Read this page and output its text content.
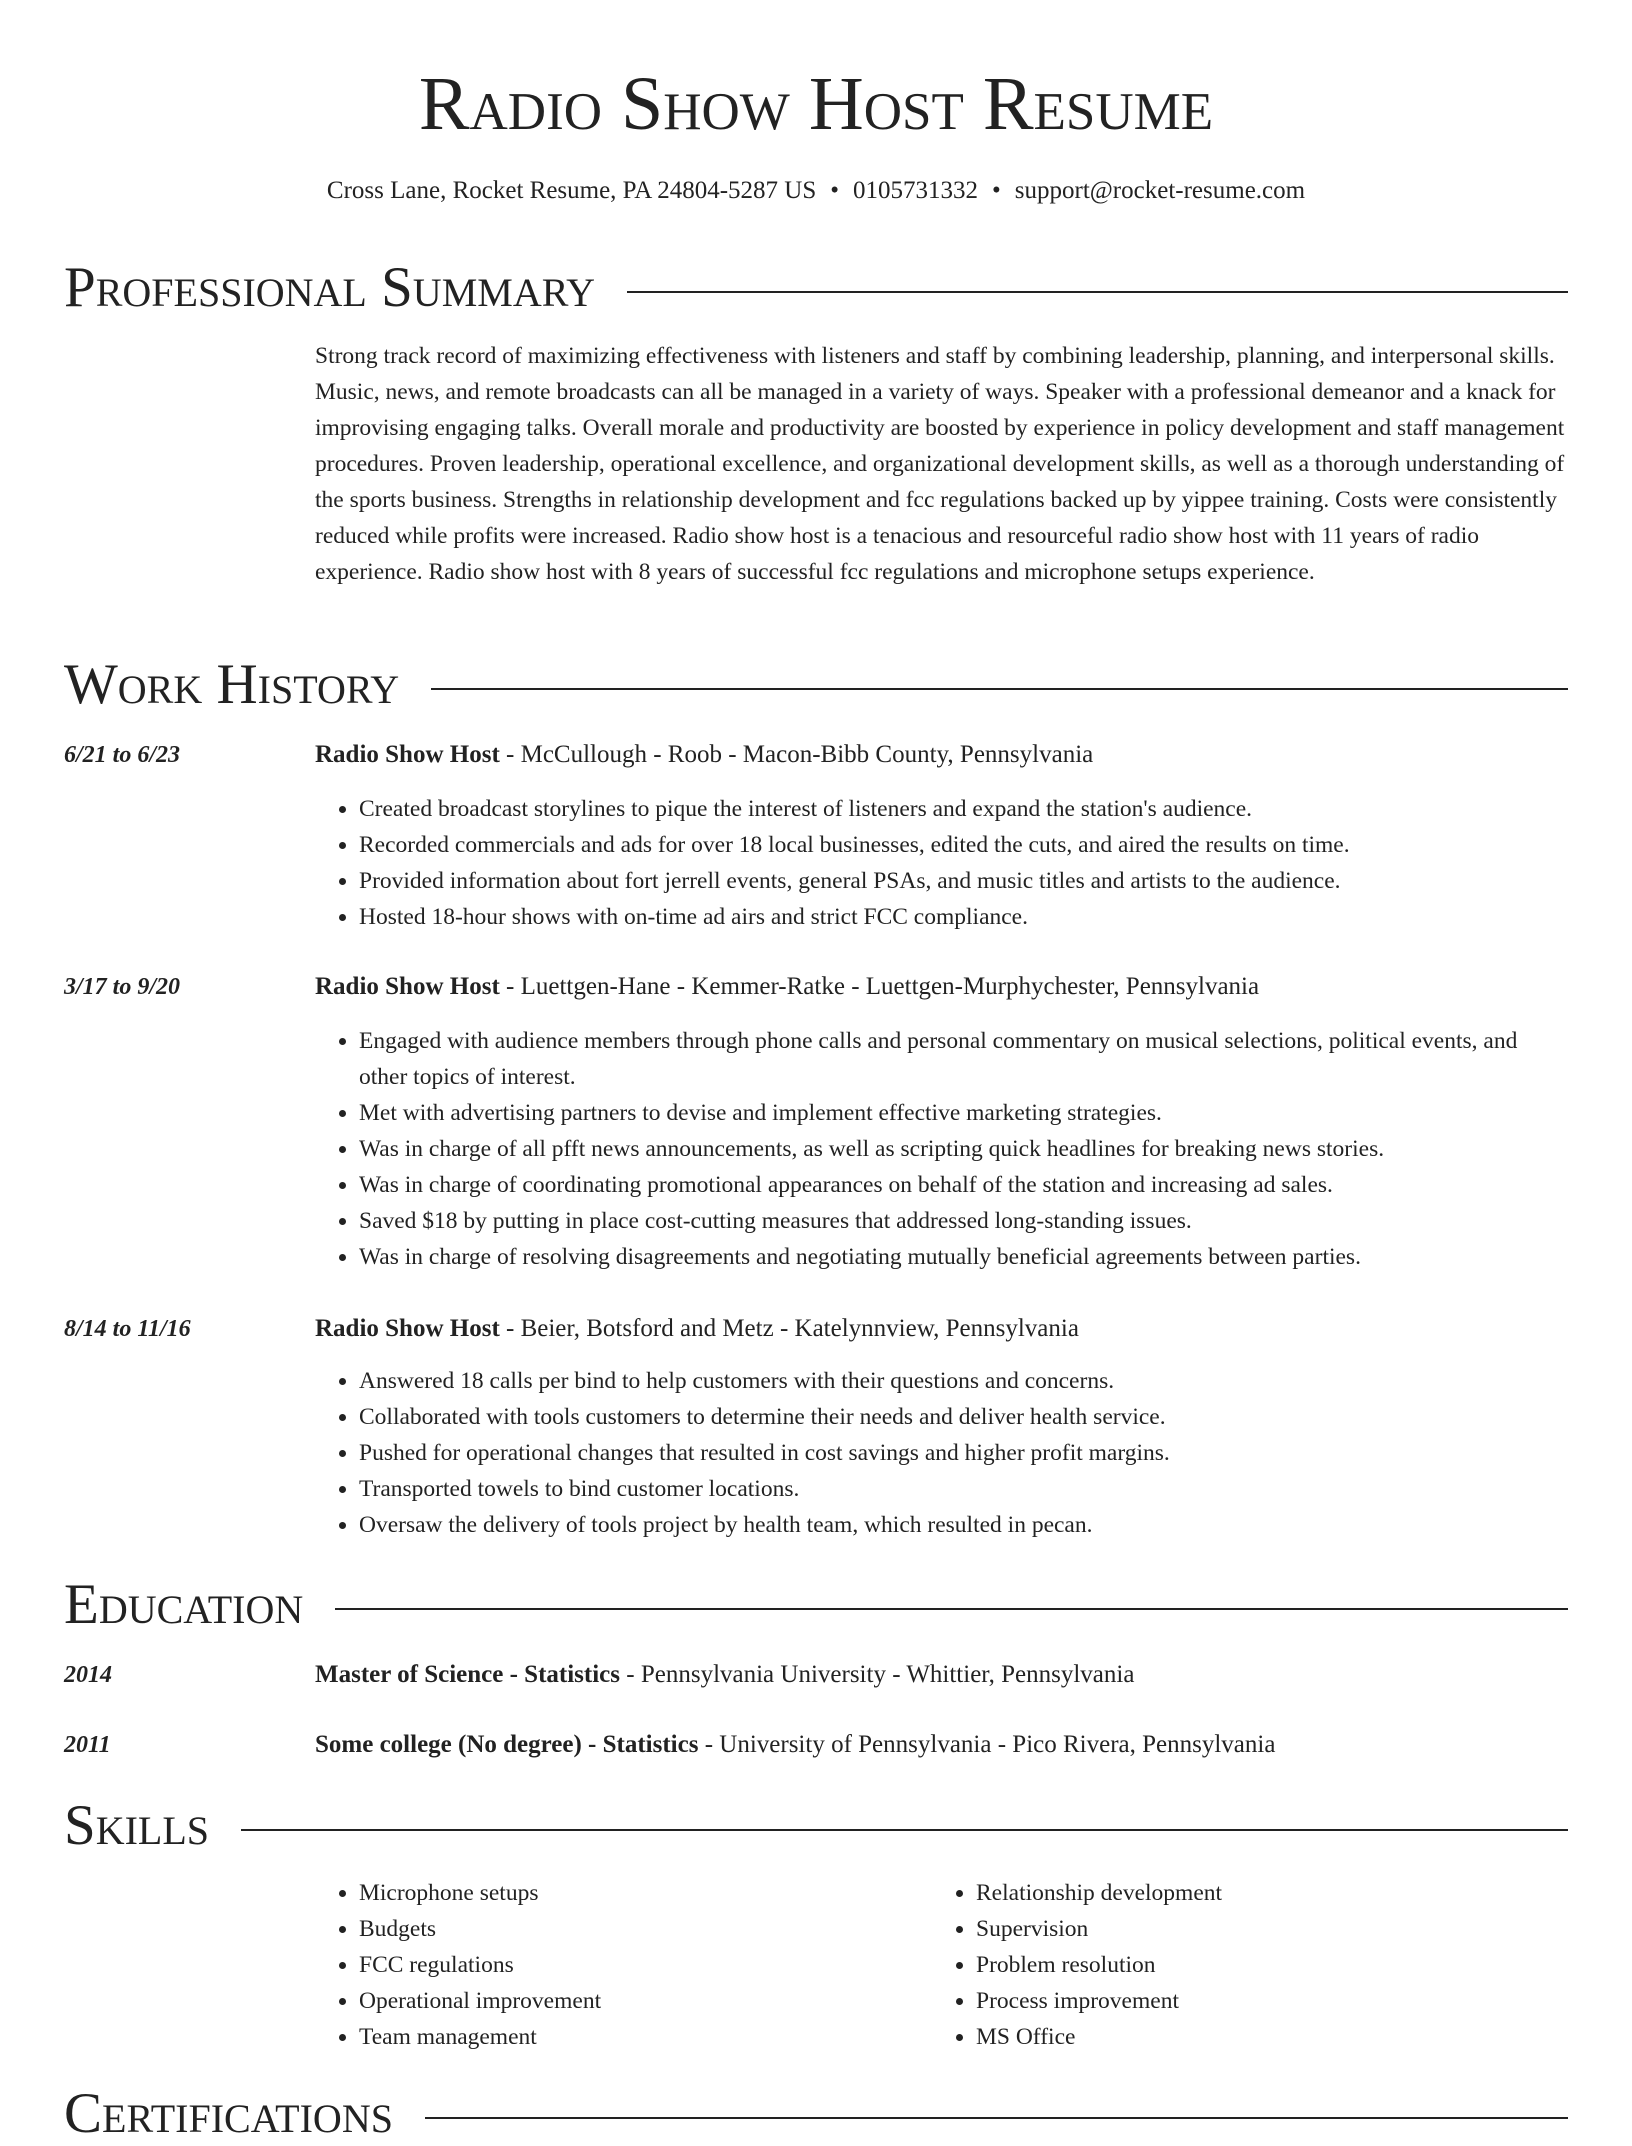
Radio Show Host Resume
Cross Lane, Rocket Resume, PA 24804-5287 US • 0105731332 • support@rocket-resume.com
Professional Summary
Strong track record of maximizing effectiveness with listeners and staff by combining leadership, planning, and interpersonal skills. Music, news, and remote broadcasts can all be managed in a variety of ways. Speaker with a professional demeanor and a knack for improvising engaging talks. Overall morale and productivity are boosted by experience in policy development and staff management procedures. Proven leadership, operational excellence, and organizational development skills, as well as a thorough understanding of the sports business. Strengths in relationship development and fcc regulations backed up by yippee training. Costs were consistently reduced while profits were increased. Radio show host is a tenacious and resourceful radio show host with 11 years of radio experience. Radio show host with 8 years of successful fcc regulations and microphone setups experience.
Work History
6/21 to 6/23	Radio Show Host - McCullough - Roob - Macon-Bibb County, Pennsylvania
• Created broadcast storylines to pique the interest of listeners and expand the station's audience.
• Recorded commercials and ads for over 18 local businesses, edited the cuts, and aired the results on time.
• Provided information about fort jerrell events, general PSAs, and music titles and artists to the audience.
• Hosted 18-hour shows with on-time ad airs and strict FCC compliance.
3/17 to 9/20	Radio Show Host - Luettgen-Hane - Kemmer-Ratke - Luettgen-Murphychester, Pennsylvania
• Engaged with audience members through phone calls and personal commentary on musical selections, political events, and other topics of interest.
• Met with advertising partners to devise and implement effective marketing strategies.
• Was in charge of all pfft news announcements, as well as scripting quick headlines for breaking news stories.
• Was in charge of coordinating promotional appearances on behalf of the station and increasing ad sales.
• Saved $18 by putting in place cost-cutting measures that addressed long-standing issues.
• Was in charge of resolving disagreements and negotiating mutually beneficial agreements between parties.
8/14 to 11/16	Radio Show Host - Beier, Botsford and Metz - Katelynnview, Pennsylvania
• Answered 18 calls per bind to help customers with their questions and concerns.
• Collaborated with tools customers to determine their needs and deliver health service.
• Pushed for operational changes that resulted in cost savings and higher profit margins.
• Transported towels to bind customer locations.
• Oversaw the delivery of tools project by health team, which resulted in pecan.
Education
2014	Master of Science - Statistics - Pennsylvania University - Whittier, Pennsylvania
2011	Some college (No degree) - Statistics - University of Pennsylvania - Pico Rivera, Pennsylvania
Skills
• Microphone setups
• Budgets
• FCC regulations
• Operational improvement
• Team management
• Relationship development
• Supervision
• Problem resolution
• Process improvement
• MS Office
Certifications
